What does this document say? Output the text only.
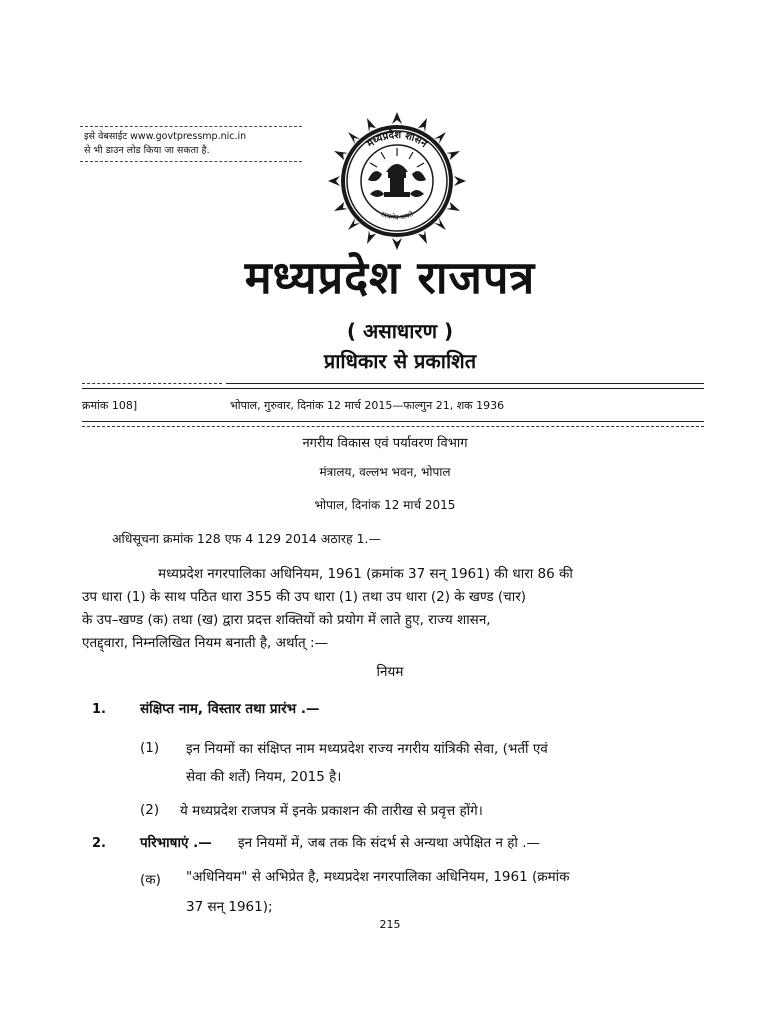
इसे वेबसाईट www.govtpressmp.nic.in
से भी डाउन लोड किया जा सकता है.
मध्यप्रदेश शासन
सत्यमेव जयते
मध्यप्रदेश राजपत्र
( असाधारण )
प्राधिकार से प्रकाशित
क्रमांक 108]	भोपाल, गुरुवार, दिनांक 12 मार्च 2015—फाल्गुन 21, शक 1936
नगरीय विकास एवं पर्यावरण विभाग
मंत्रालय, वल्लभ भवन, भोपाल
भोपाल, दिनांक 12 मार्च 2015
अधिसूचना क्रमांक 128 एफ 4 129 2014 अठारह 1.—
मध्यप्रदेश नगरपालिका अधिनियम, 1961 (क्रमांक 37 सन् 1961) की धारा 86 की
उप धारा (1) के साथ पठित धारा 355 की उप धारा (1) तथा उप धारा (2) के खण्ड (चार)
के उप–खण्ड (क) तथा (ख) द्वारा प्रदत्त शक्तियों को प्रयोग में लाते हुए, राज्य शासन,
एतद्द्वारा, निम्नलिखित नियम बनाती है, अर्थात् :—
नियम
1.	संक्षिप्त नाम, विस्तार तथा प्रारंभ .—
(1) इन नियमों का संक्षिप्त नाम मध्यप्रदेश राज्य नगरीय यांत्रिकी सेवा, (भर्ती एवं
सेवा की शर्तें) नियम, 2015 है।
(2) ये मध्यप्रदेश राजपत्र में इनके प्रकाशन की तारीख से प्रवृत्त होंगे।
2.	परिभाषाएं .— इन नियमों में, जब तक कि संदर्भ से अन्यथा अपेक्षित न हो .—
(क) "अधिनियम" से अभिप्रेत है, मध्यप्रदेश नगरपालिका अधिनियम, 1961 (क्रमांक
37 सन् 1961);
215
